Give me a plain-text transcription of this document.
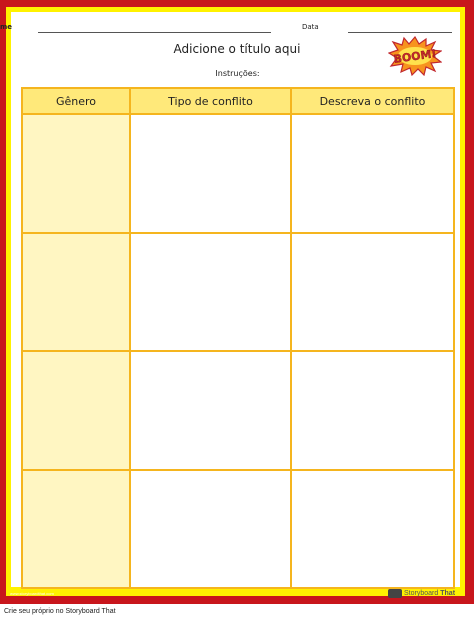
me	Data
Adicione o título aqui
Instruções:
BOOM!
Gênero	Tipo de conflito	Descreva o conflito

www.storyboardthat.com	Storyboard That
Crie seu próprio no Storyboard That
